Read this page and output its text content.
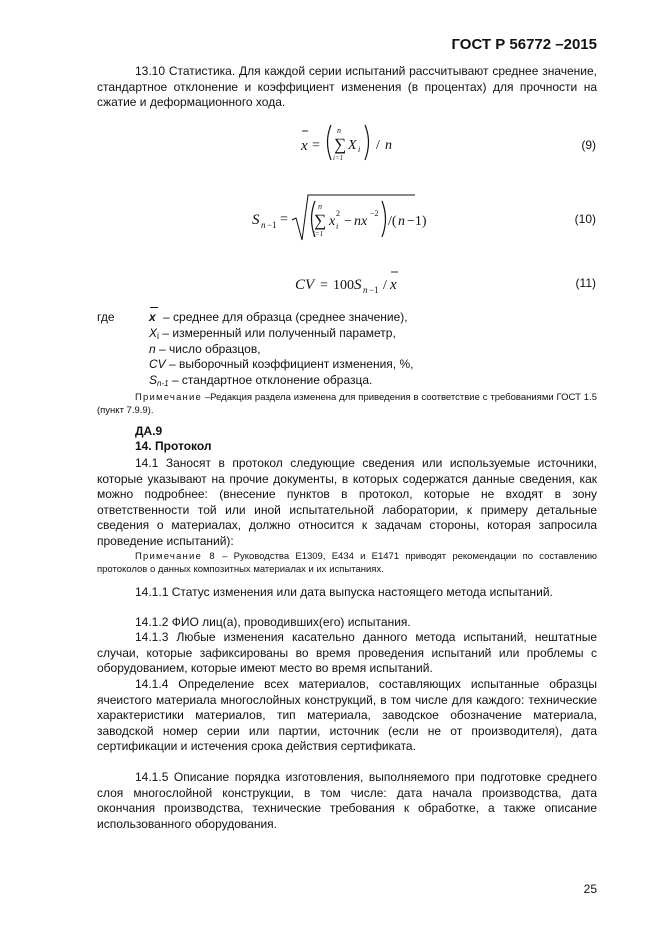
ГОСТ Р 56772 –2015
13.10 Статистика. Для каждой серии испытаний рассчитывают среднее значение, стандартное отклонение и коэффициент изменения (в процентах) для прочности на сжатие и деформационного хода.
x =
n
∑
i=1
X i / n	(9)
S n −1 =
n
∑
i=1
x
2
i − nx
−2
/( n −1)	(10)
CV = 100 S n −1 / x	(11)
где	x – среднее для образца (среднее значение),
Xi – измеренный или полученный параметр,
n – число образцов,
CV – выборочный коэффициент изменения, %,
Sn-1 – стандартное отклонение образца.
Примечание –Редакция раздела изменена для приведения в соответствие с требованиями ГОСТ 1.5 (пункт 7.9.9).
ДА.9
14. Протокол
14.1 Заносят в протокол следующие сведения или используемые источники, которые указывают на прочие документы, в которых содержатся данные сведения, как можно подробнее: (внесение пунктов в протокол, которые не входят в зону ответственности той или иной испытательной лаборатории, к примеру детальные сведения о материалах, должно относится к задачам стороны, которая запросила проведение испытаний):
Примечание 8 – Руководства E1309, E434 и E1471 приводят рекомендации по составлению протоколов о данных композитных материалах и их испытаниях.
14.1.1 Статус изменения или дата выпуска настоящего метода испытаний.
14.1.2 ФИО лиц(а), проводивших(его) испытания.
14.1.3 Любые изменения касательно данного метода испытаний, нештатные случаи, которые зафиксированы во время проведения испытаний или проблемы с оборудованием, которые имеют место во время испытаний.
14.1.4 Определение всех материалов, составляющих испытанные образцы ячеистого материала многослойных конструкций, в том числе для каждого: технические характеристики материалов, тип материала, заводское обозначение материала, заводской номер серии или партии, источник (если не от производителя), дата сертификации и истечения срока действия сертификата.
14.1.5 Описание порядка изготовления, выполняемого при подготовке среднего слоя многослойной конструкции, в том числе: дата начала производства, дата окончания производства, технические требования к обработке, а также описание использованного оборудования.
25
